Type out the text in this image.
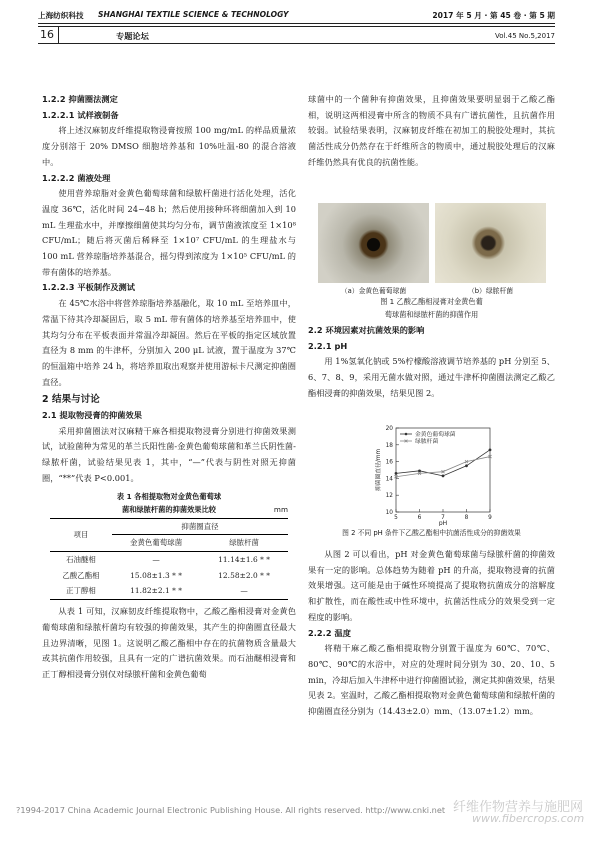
上海纺织科技 SHANGHAI TEXTILE SCIENCE & TECHNOLOGY	2017 年 5 月 · 第 45 卷 · 第 5 期
16	专题论坛	Vol.45 No.5,2017
1.2.2 抑菌圈法测定
1.2.2.1 试样液制备

将上述汉麻韧皮纤维提取物浸膏按照 100 mg/mL 的样品质量浓度分别溶于 20% DMSO 细胞培养基和 10%吐温-80 的混合溶液中。

1.2.2.2 菌液处理

使用营养琼脂对金黄色葡萄球菌和绿脓杆菌进行活化处理，活化温度 36℃，活化时间 24~48 h；然后使用接种环将细菌加入到 10 mL 生理盐水中，并摩擦细菌使其均匀分布，调节菌液浓度至 1×10⁸ CFU/mL；随后将灭菌后稀释至 1×10⁷ CFU/mL 的生理盐水与 100 mL 营养琼脂培养基混合，摇匀得到浓度为 1×10⁵ CFU/mL 的带有菌体的培养基。

1.2.2.3 平板制作及测试

在 45℃水浴中将营养琼脂培养基融化，取 10 mL 至培养皿中，常温下待其冷却凝固后，取 5 mL 带有菌体的培养基至培养皿中，使其均匀分布在平板表面并常温冷却凝固。然后在平板的指定区域放置直径为 8 mm 的牛津杯，分别加入 200 μL 试液，置于温度为 37℃的恒温箱中培养 24 h，将培养皿取出观察并使用游标卡尺测定抑菌圈直径。

2 结果与讨论
2.1 提取物浸膏的抑菌效果

采用抑菌圈法对汉麻精干麻各相提取物浸膏分别进行抑菌效果测试，试验菌种为常见的革兰氏阳性菌-金黄色葡萄球菌和革兰氏阴性菌-绿脓杆菌，试验结果见表 1，其中，“—”代表与阴性对照无抑菌圈，“**”代表 P<0.001。

表 1 各相提取物对金黄色葡萄球
菌和绿脓杆菌的抑菌效果比较	mm
项目	抑菌圈直径	
	金黄色葡萄球菌	绿脓杆菌
石油醚相	—	11.14±1.6 * *
乙酸乙酯相	15.08±1.3 * *	12.58±2.0 * *
正丁醇相	11.82±2.1 * *	—

从表 1 可知，汉麻韧皮纤维提取物中，乙酸乙酯相浸膏对金黄色葡萄球菌和绿脓杆菌均有较强的抑菌效果，其产生的抑菌圈直径最大且边界清晰，见图 1。这说明乙酸乙酯相中存在的抗菌物质含量最大或其抗菌作用较强，且具有一定的广谱抗菌效果。而石油醚相浸膏和正丁醇相浸膏分别仅对绿脓杆菌和金黄色葡萄

球菌中的一个菌种有抑菌效果，且抑菌效果要明显弱于乙酸乙酯相，说明这两相浸膏中所含的物质不具有广谱抗菌性，且抗菌作用较弱。试验结果表明，汉麻韧皮纤维在初加工的脱胶处理时，其抗菌活性成分仍然存在于纤维所含的物质中，通过脱胶处理后的汉麻纤维仍然具有优良的抗菌性能。

（a）金黄色葡萄球菌	（b）绿脓杆菌
图 1 乙酸乙酯相浸膏对金黄色葡
萄球菌和绿脓杆菌的抑菌作用
2.2 环境因素对抗菌效果的影响
2.2.1 pH

用 1%氢氧化钠或 5%柠檬酸溶液调节培养基的 pH 分别至 5、6、7、8、9，采用无菌水做对照，通过牛津杯抑菌圈法测定乙酸乙酯相浸膏的抑菌效果，结果见图 2。

10
12
14
16
18
20
5	6	7	8	9
pH
抑菌圈直径/mm
金黄色葡萄球菌
绿脓杆菌
图 2 不同 pH 条件下乙酸乙酯相中抗菌活性成分的抑菌效果

从图 2 可以看出，pH 对金黄色葡萄球菌与绿脓杆菌的抑菌效果有一定的影响。总体趋势为随着 pH 的升高，提取物浸膏的抗菌效果增强。这可能是由于碱性环境提高了提取物抗菌成分的溶解度和扩散性，而在酸性或中性环境中，抗菌活性成分的效果受到一定程度的影响。

2.2.2 温度

将精干麻乙酸乙酯相提取物分别置于温度为 60℃、70℃、80℃、90℃的水浴中，对应的处理时间分别为 30、20、10、5 min，冷却后加入牛津杯中进行抑菌圈试验，测定其抑菌效果，结果见表 2。室温时，乙酸乙酯相提取物对金黄色葡萄球菌和绿脓杆菌的抑菌圈直径分别为（14.43±2.0）mm、（13.07±1.2）mm。

?1994-2017 China Academic Journal Electronic Publishing House. All rights reserved. http://www.cnki.net 纤维作物营养与施肥网
www.fibercrops.com
